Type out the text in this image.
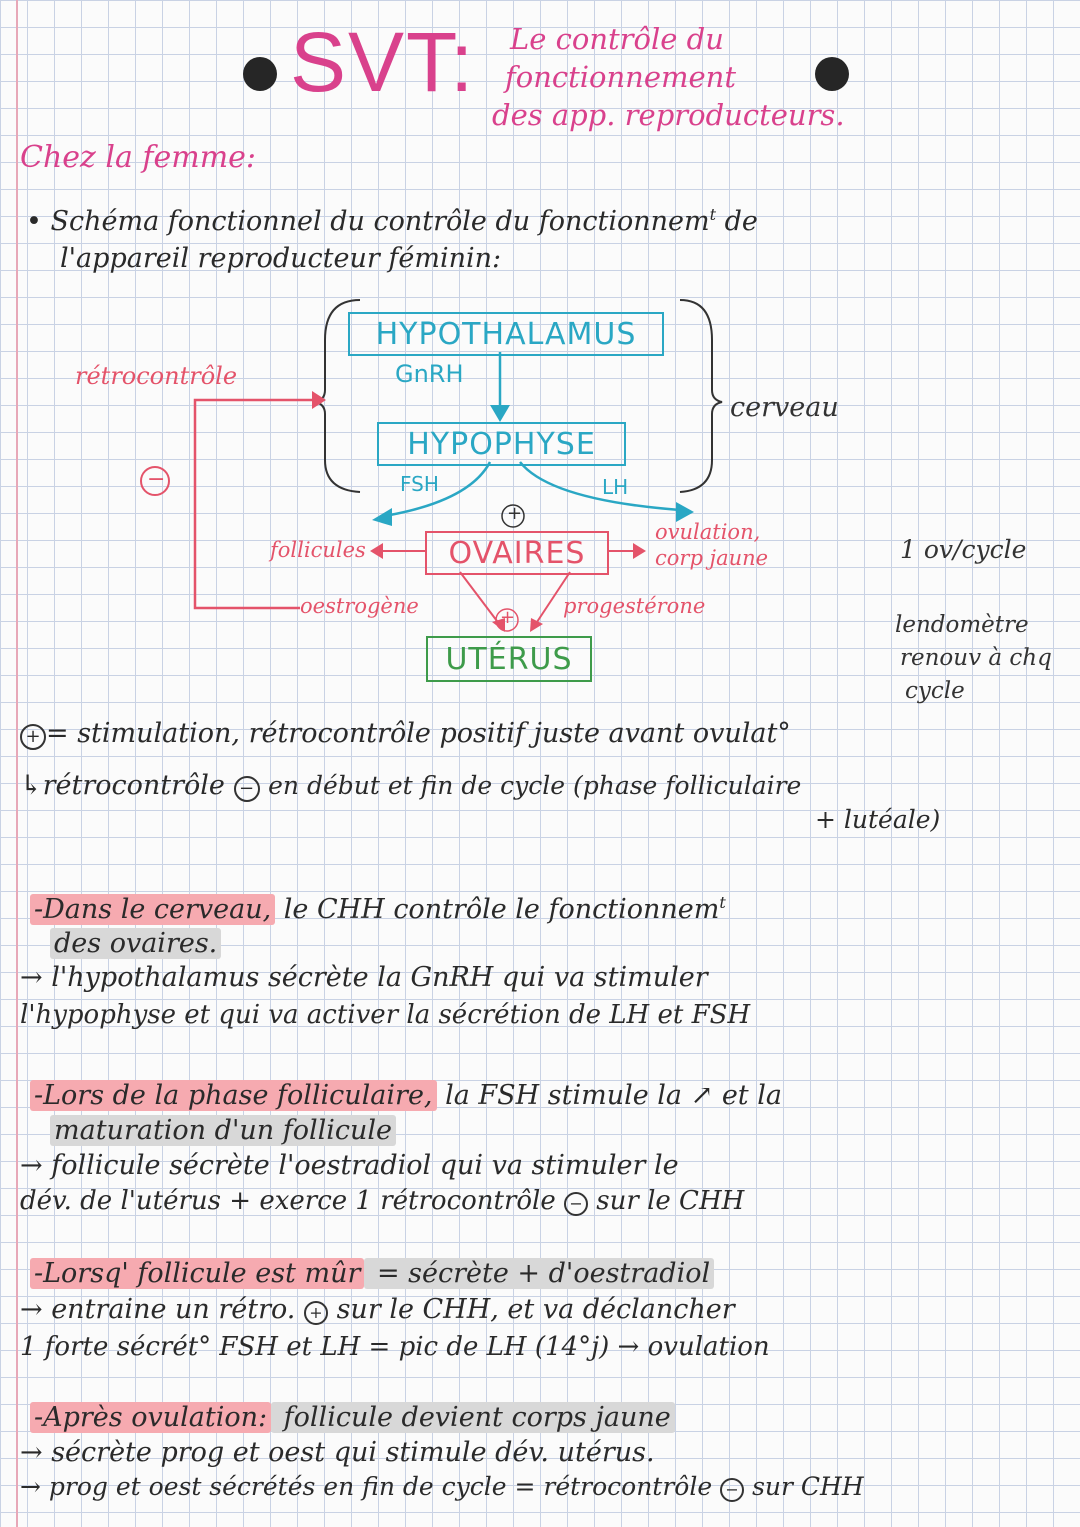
SVT: Le contrôle du
fonctionnement
des app. reproducteurs.
Chez la femme:
• Schéma fonctionnel du contrôle du fonctionnem$^t$ de
l'appareil reproducteur féminin:
HYPOTHALAMUS
GnRH
HYPOPHYSE
FSH	LH
+
OVAIRES
follicules
ovulation,
corp jaune
oestrogène	+ progestérone
UTÉRUS
rétrocontrôle
−
cerveau
1 ov/cycle
lendomètre
renouv à chq
cycle
+ = stimulation, rétrocontrôle positif juste avant ovulat°
↳rétrocontrôle − en début et fin de cycle (phase folliculaire
+ lutéale)
-Dans le cerveau, le CHH contrôle le fonctionnem$^t$
des ovaires.
→ l'hypothalamus sécrète la GnRH qui va stimuler
l'hypophyse et qui va activer la sécrétion de LH et FSH
-Lors de la phase folliculaire, la FSH stimule la ↗ et la
maturation d'un follicule
→ follicule sécrète l'oestradiol qui va stimuler le
dév. de l'utérus + exerce 1 rétrocontrôle − sur le CHH
-Lorsq' follicule est mûr = sécrète + d'oestradiol
→ entraine un rétro. + sur le CHH, et va déclancher
1 forte sécrét° FSH et LH = pic de LH (14°j) → ovulation
-Après ovulation: follicule devient corps jaune
→ sécrète prog et oest qui stimule dév. utérus.
→ prog et oest sécrétés en fin de cycle = rétrocontrôle − sur CHH
